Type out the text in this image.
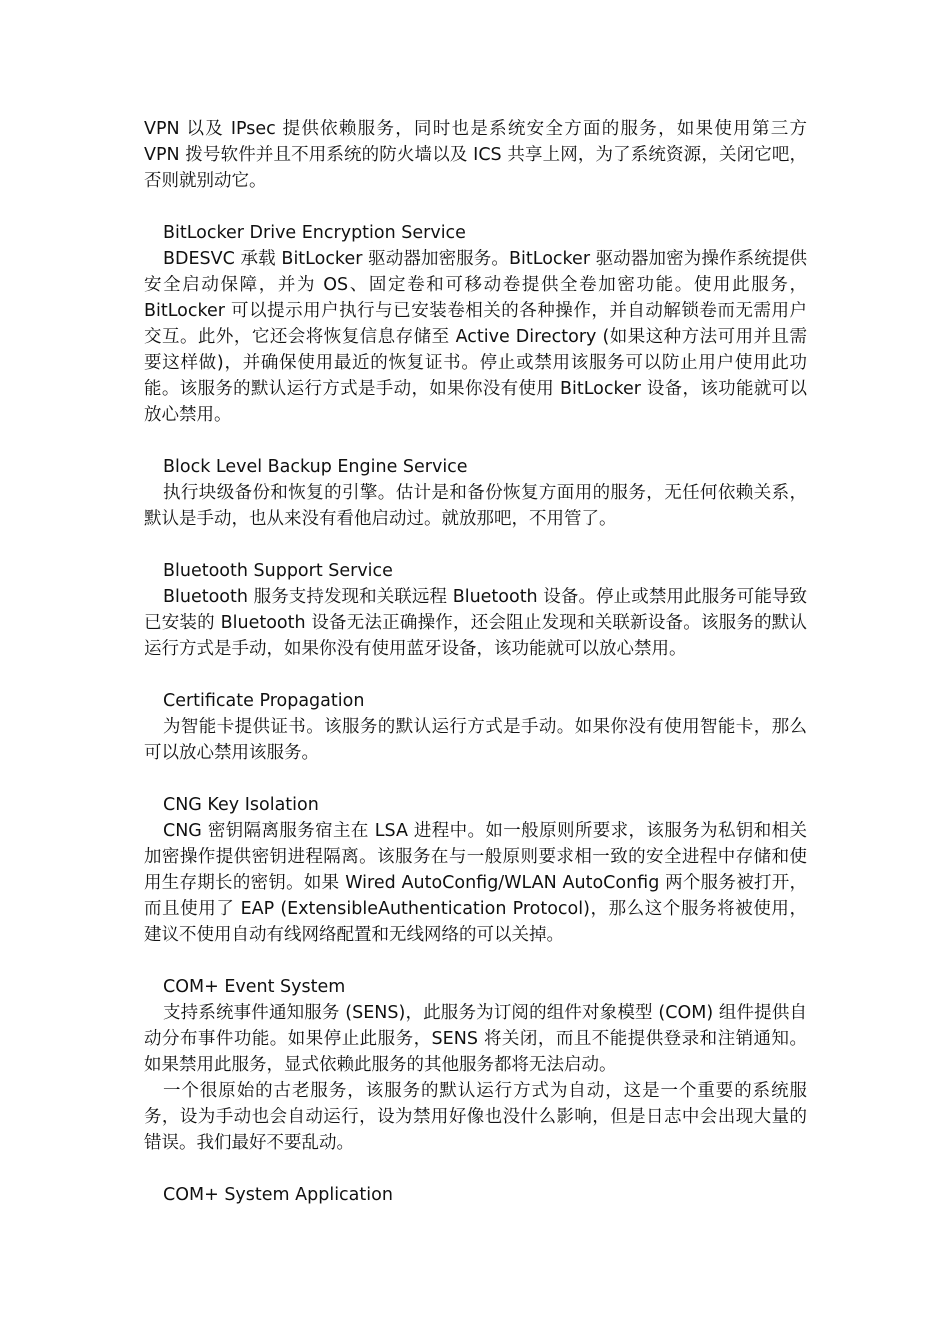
VPN 以及 IPsec 提供依赖服务，同时也是系统安全方面的服务，如果使用第三方 VPN 拨号软件并且不用系统的防火墙以及 ICS 共享上网，为了系统资源，关闭它吧，否则就别动它。

BitLocker Drive Encryption Service

BDESVC 承载 BitLocker 驱动器加密服务。BitLocker 驱动器加密为操作系统提供安全启动保障，并为 OS、固定卷和可移动卷提供全卷加密功能。使用此服务，BitLocker 可以提示用户执行与已安装卷相关的各种操作，并自动解锁卷而无需用户交互。此外，它还会将恢复信息存储至 Active Directory (如果这种方法可用并且需要这样做)，并确保使用最近的恢复证书。停止或禁用该服务可以防止用户使用此功能。该服务的默认运行方式是手动，如果你没有使用 BitLocker 设备，该功能就可以放心禁用。

Block Level Backup Engine Service

执行块级备份和恢复的引擎。估计是和备份恢复方面用的服务，无任何依赖关系，默认是手动，也从来没有看他启动过。就放那吧，不用管了。

Bluetooth Support Service

Bluetooth 服务支持发现和关联远程 Bluetooth 设备。停止或禁用此服务可能导致已安装的 Bluetooth 设备无法正确操作，还会阻止发现和关联新设备。该服务的默认运行方式是手动，如果你没有使用蓝牙设备，该功能就可以放心禁用。

Certificate Propagation

为智能卡提供证书。该服务的默认运行方式是手动。如果你没有使用智能卡，那么可以放心禁用该服务。

CNG Key Isolation

CNG 密钥隔离服务宿主在 LSA 进程中。如一般原则所要求，该服务为私钥和相关加密操作提供密钥进程隔离。该服务在与一般原则要求相一致的安全进程中存储和使用生存期长的密钥。如果 Wired AutoConfig/WLAN AutoConfig 两个服务被打开，而且使用了 EAP (ExtensibleAuthentication Protocol)，那么这个服务将被使用，建议不使用自动有线网络配置和无线网络的可以关掉。

COM+ Event System

支持系统事件通知服务 (SENS)，此服务为订阅的组件对象模型 (COM) 组件提供自动分布事件功能。如果停止此服务，SENS 将关闭，而且不能提供登录和注销通知。如果禁用此服务，显式依赖此服务的其他服务都将无法启动。

一个很原始的古老服务，该服务的默认运行方式为自动，这是一个重要的系统服务，设为手动也会自动运行，设为禁用好像也没什么影响，但是日志中会出现大量的错误。我们最好不要乱动。

COM+ System Application
